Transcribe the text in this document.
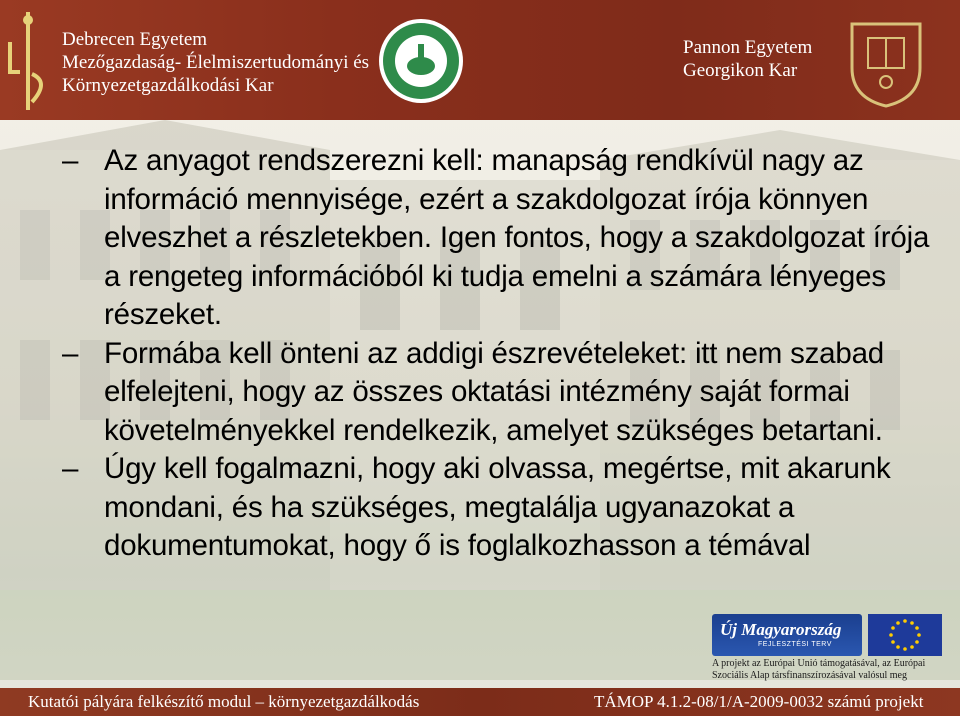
Debrecen Egyetem
Mezőgazdaság- Élelmiszertudományi és
Környezetgazdálkodási Kar
Pannon Egyetem
Georgikon Kar
– Az anyagot rendszerezni kell: manapság rendkívül nagy az információ mennyisége, ezért a szakdolgozat írója könnyen elveszhet a részletekben. Igen fontos, hogy a szakdolgozat írója a rengeteg információból ki tudja emelni a számára lényeges részeket.
– Formába kell önteni az addigi észrevételeket: itt nem szabad elfelejteni, hogy az összes oktatási intézmény saját formai követelményekkel rendelkezik, amelyet szükséges betartani.
– Úgy kell fogalmazni, hogy aki olvassa, megértse, mit akarunk mondani, és ha szükséges, megtalálja ugyanazokat a dokumentumokat, hogy ő is foglalkozhasson a témával
Új Magyarország
FEJLESZTÉSI TERV
A projekt az Európai Unió támogatásával, az Európai
Szociális Alap társfinanszírozásával valósul meg
Kutatói pályára felkészítő modul – környezetgazdálkodás	TÁMOP 4.1.2-08/1/A-2009-0032 számú projekt
